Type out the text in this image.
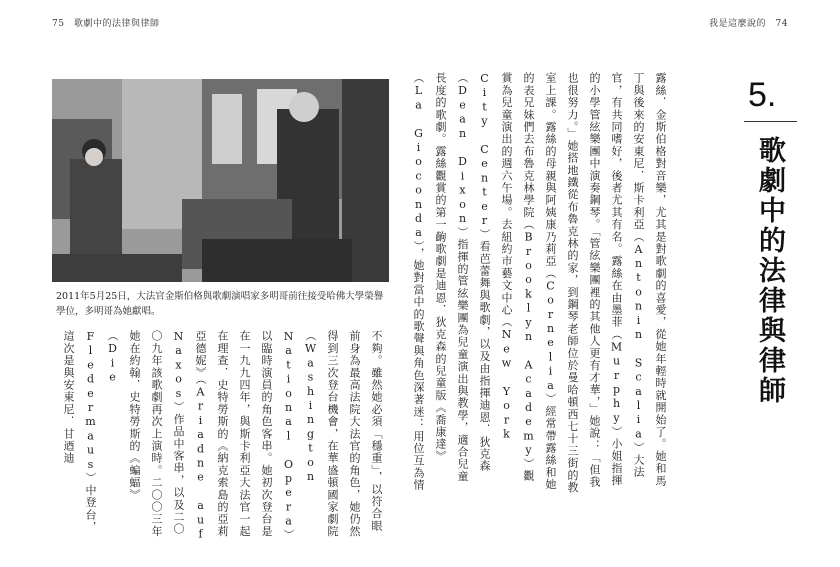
75　歌劇中的法律與律師	我是這麼說的　74
2011年5月25日，大法官金斯伯格與歌劇演唱家多明哥前往接受哈佛大學榮譽學位，多明哥為她獻唱。	露絲．金斯伯格對音樂，尤其是對歌劇的喜愛，從她年輕時就開始了。她和馬丁與後來的安東尼．斯卡利亞（Antonin Scalia）大法官，有共同嗜好，後者尤其有名。露絲在由墨菲（Murphy）小姐指揮的小學管絃樂團中演奏鋼琴。「管絃樂團裡的其他人更有才華，」她說：「但我也很努力。」她搭地鐵從布魯克林的家，到鋼琴老師位於曼哈頓西七十三街的教室上課。露絲的母親與阿姨康乃莉亞（Cornelia）經常帶露絲和她的表兄妹們去布魯克林學院（Brooklyn Academy）觀賞為兒童演出的週六午場。去紐約市藝文中心（New York City Center）看芭蕾舞與歌劇，以及由指揮迪恩．狄克森（Dean Dixon）指揮的管絃樂團為兒童演出與教學，適合兒童長度的歌劇。露絲觀賞的第一齣歌劇是迪恩．狄克森的兒童版《喬康達》（La Gioconda），她對當中的歌聲與角色深著迷：用位互為情
不夠。雖然她必須「穩重」，以符合眼前身為最高法院大法官的角色，她仍然得到三次登台機會，在華盛頓國家劇院（Washington National Opera）以臨時演員的角色客串。她初次登台是在一九九四年，與斯卡利亞大法官一起在理查．史特勞斯的《納克索島的亞莉亞德妮》（Ariadne auf Naxos）作品中客串，以及二〇〇九年該歌劇再次上演時。二〇〇三年她在約翰．史特勞斯的《蝙蝠》（Die Fledermaus）中登台，這次是與安東尼．甘迺迪
5.
歌劇中的法律與律師
